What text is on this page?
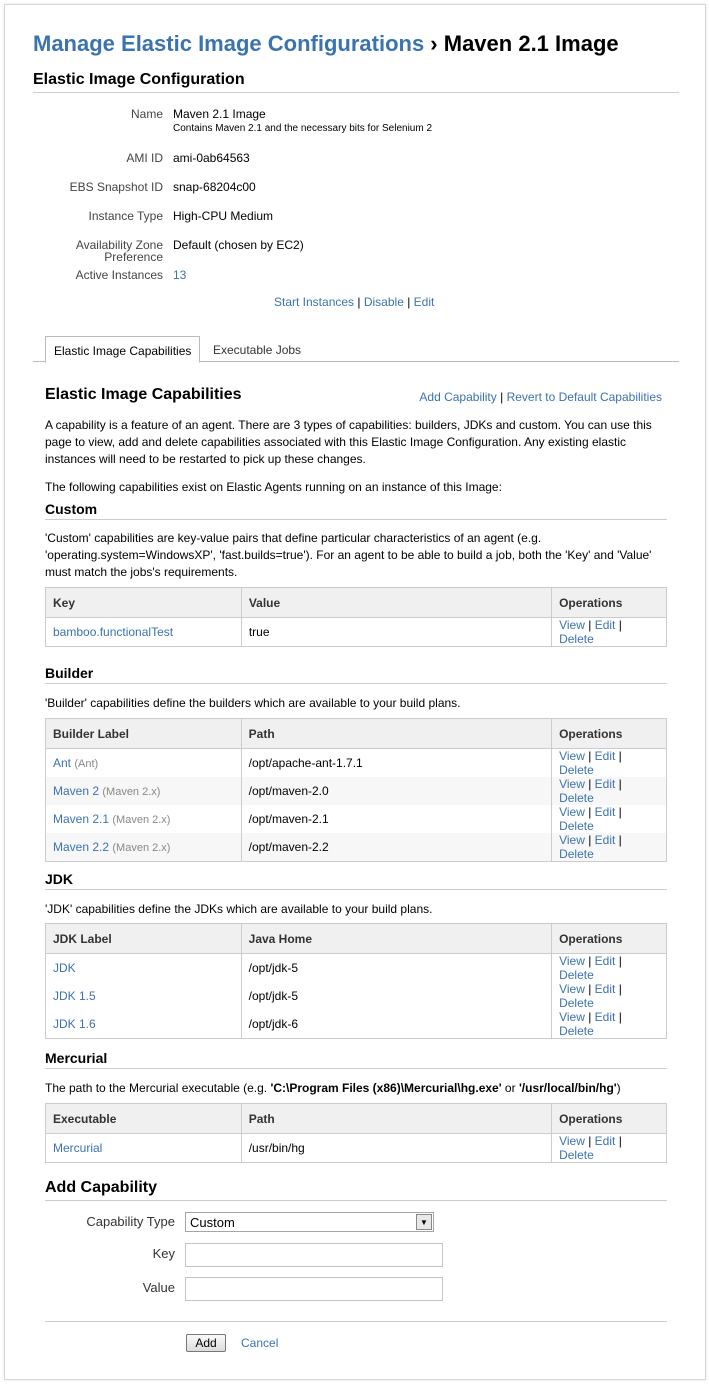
Manage Elastic Image Configurations › Maven 2.1 Image
Elastic Image Configuration
Name Maven 2.1 Image
Contains Maven 2.1 and the necessary bits for Selenium 2
AMI ID ami-0ab64563
EBS Snapshot ID snap-68204c00
Instance Type High-CPU Medium
Availability Zone
Preference
Default (chosen by EC2)
Active Instances 13
Start Instances | Disable | Edit
Elastic Image Capabilities	Executable Jobs
Elastic Image Capabilities	Add Capability | Revert to Default Capabilities

A capability is a feature of an agent. There are 3 types of capabilities: builders, JDKs and custom. You can use this page to view, add and delete capabilities associated with this Elastic Image Configuration. Any existing elastic instances will need to be restarted to pick up these changes.

The following capabilities exist on Elastic Agents running on an instance of this Image:

Custom

'Custom' capabilities are key-value pairs that define particular characteristics of an agent (e.g. 'operating.system=WindowsXP', 'fast.builds=true'). For an agent to be able to build a job, both the 'Key' and 'Value' must match the jobs's requirements.

Key	Value	Operations
bamboo.functionalTest	true	View | Edit | Delete
Builder

'Builder' capabilities define the builders which are available to your build plans.

Builder Label	Path	Operations
Ant (Ant)	/opt/apache-ant-1.7.1	View | Edit | Delete
Maven 2 (Maven 2.x)	/opt/maven-2.0	View | Edit | Delete
Maven 2.1 (Maven 2.x)	/opt/maven-2.1	View | Edit | Delete
Maven 2.2 (Maven 2.x)	/opt/maven-2.2	View | Edit | Delete
JDK

'JDK' capabilities define the JDKs which are available to your build plans.

JDK Label	Java Home	Operations
JDK	/opt/jdk-5	View | Edit | Delete
JDK 1.5	/opt/jdk-5	View | Edit | Delete
JDK 1.6	/opt/jdk-6	View | Edit | Delete
Mercurial

The path to the Mercurial executable (e.g. 'C:\Program Files (x86)\Mercurial\hg.exe' or '/usr/local/bin/hg')

Executable	Path	Operations
Mercurial	/usr/bin/hg	View | Edit | Delete
Add Capability
Capability Type	Custom	▼
Key
Value
Add	Cancel
